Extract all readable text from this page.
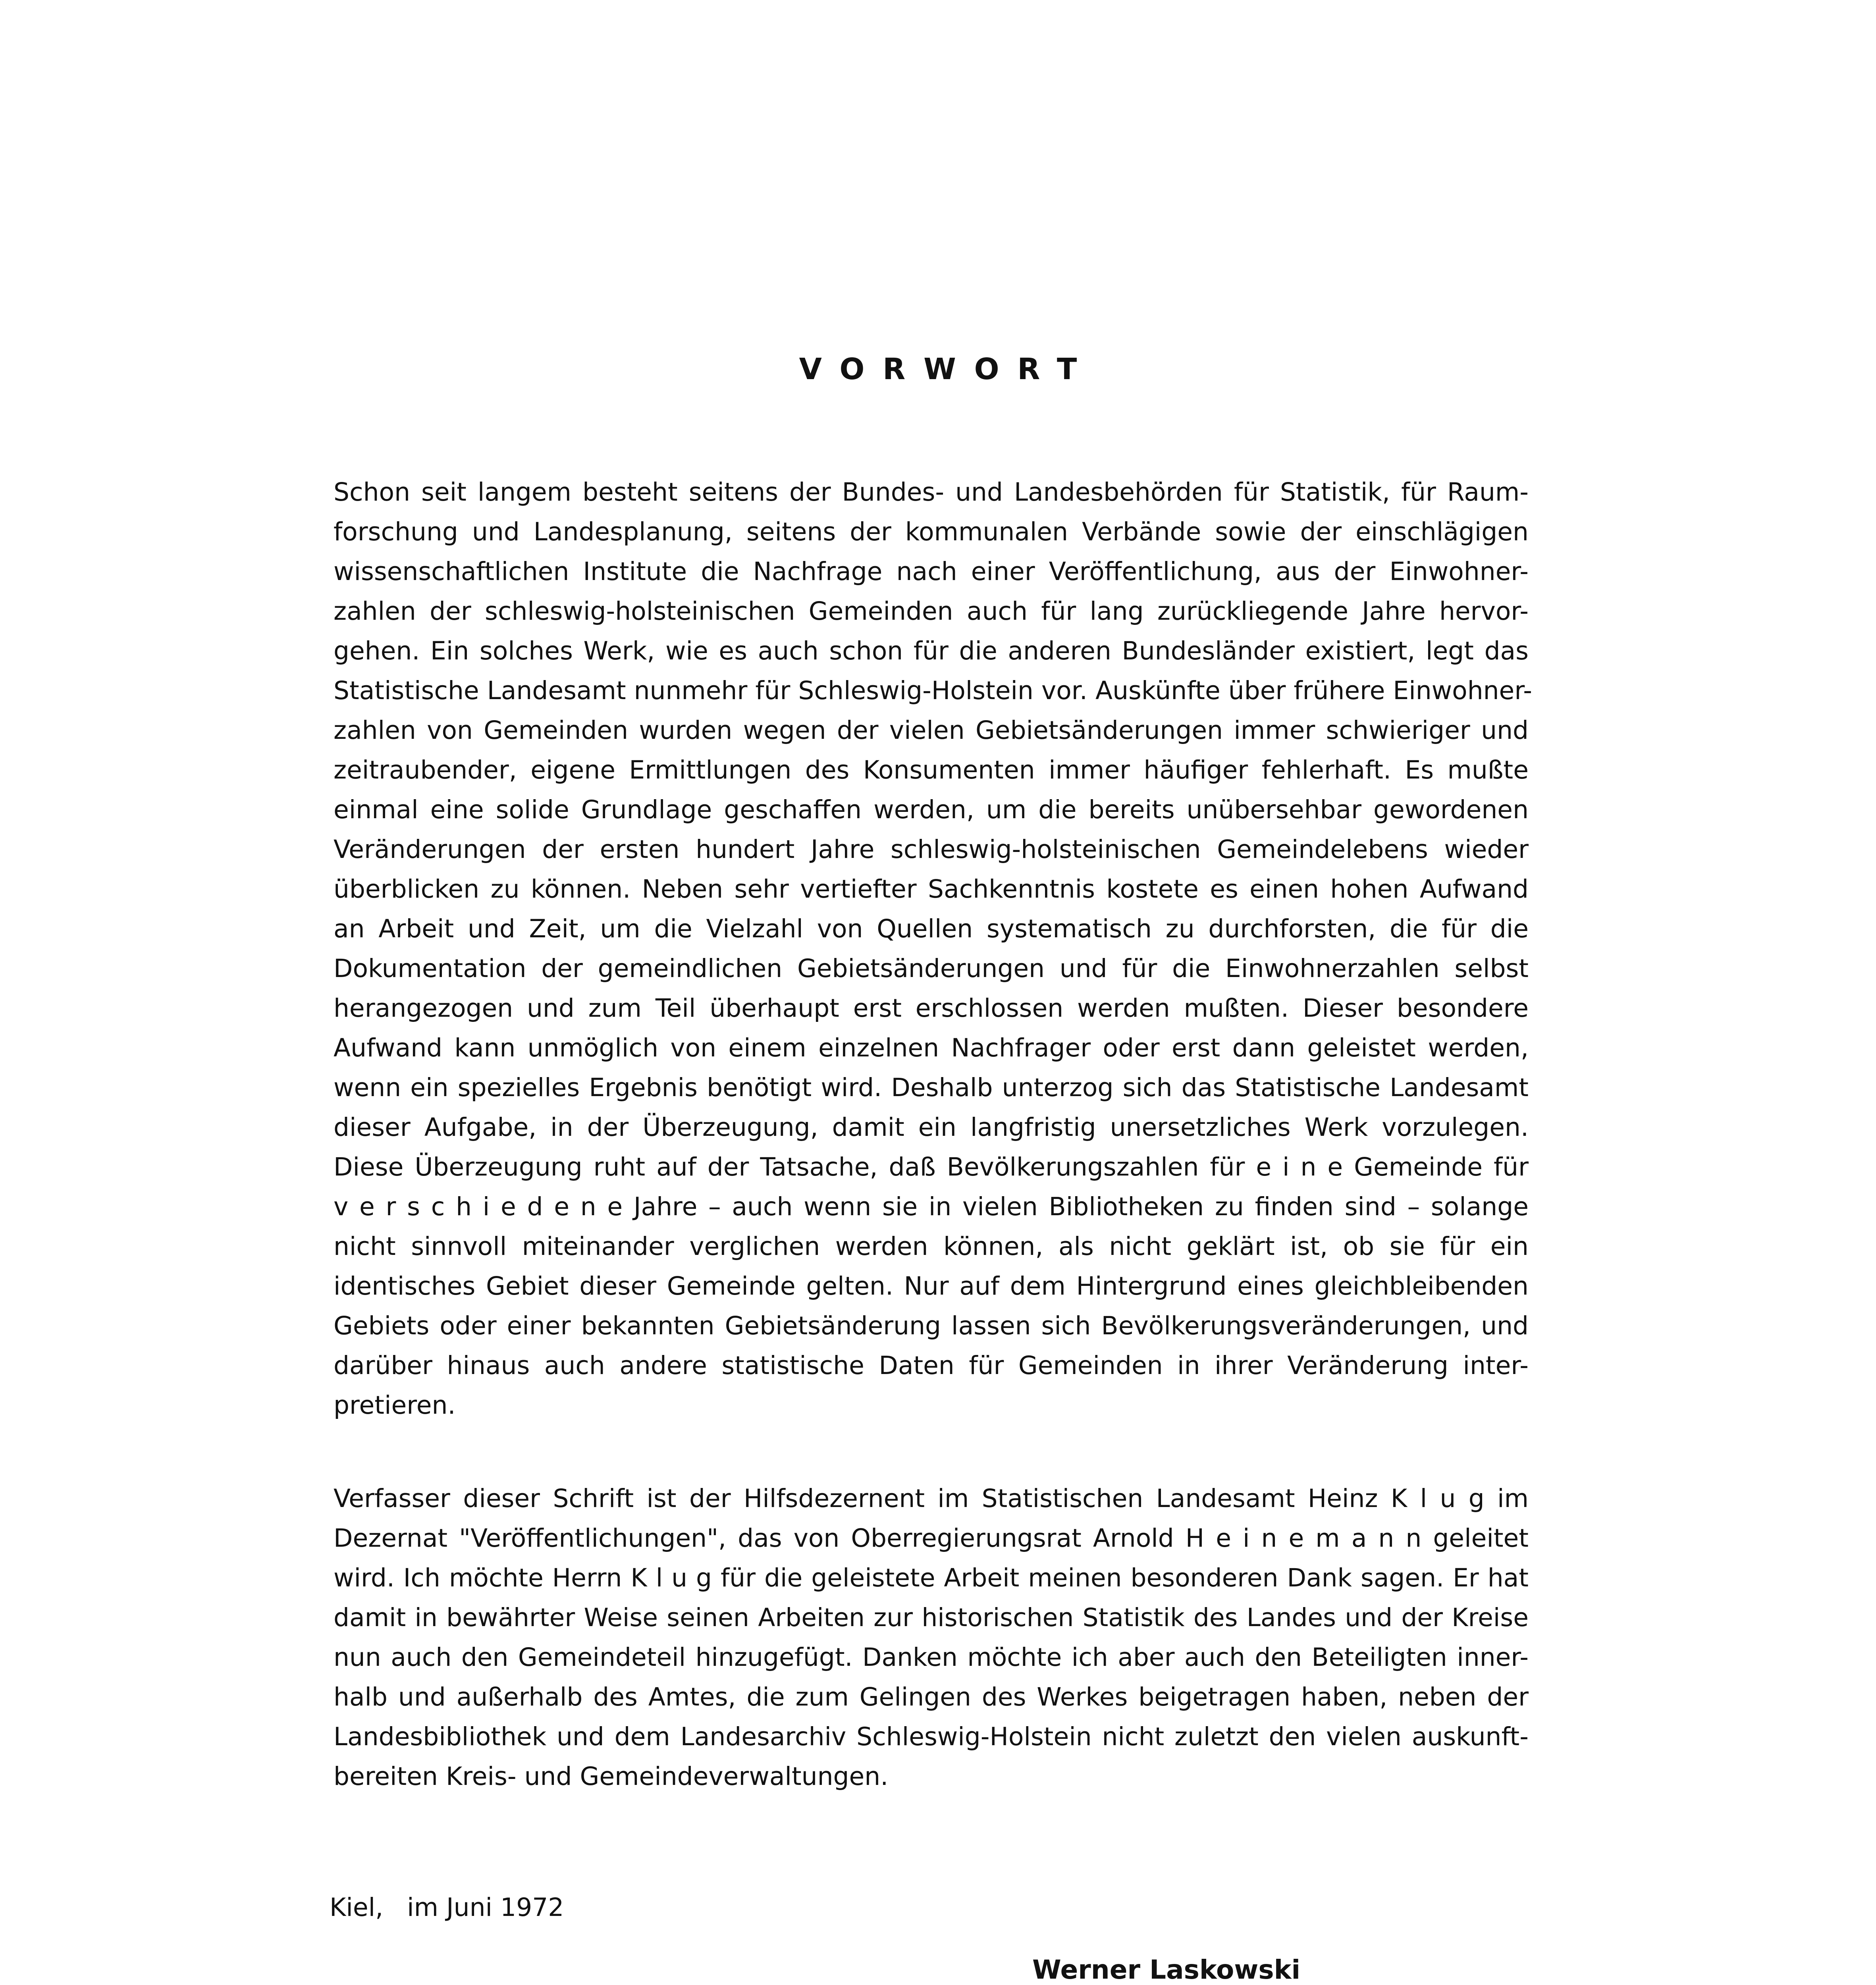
VORWORT
Schon seit langem besteht seitens der Bundes- und Landesbehörden für Statistik, für Raum-
forschung und Landesplanung, seitens der kommunalen Verbände sowie der einschlägigen
wissenschaftlichen Institute die Nachfrage nach einer Veröffentlichung, aus der Einwohner-
zahlen der schleswig-holsteinischen Gemeinden auch für lang zurückliegende Jahre hervor-
gehen. Ein solches Werk, wie es auch schon für die anderen Bundesländer existiert, legt das
Statistische Landesamt nunmehr für Schleswig-Holstein vor. Auskünfte über frühere Einwohner-
zahlen von Gemeinden wurden wegen der vielen Gebietsänderungen immer schwieriger und
zeitraubender, eigene Ermittlungen des Konsumenten immer häufiger fehlerhaft. Es mußte
einmal eine solide Grundlage geschaffen werden, um die bereits unübersehbar gewordenen
Veränderungen der ersten hundert Jahre schleswig-holsteinischen Gemeindelebens wieder
überblicken zu können. Neben sehr vertiefter Sachkenntnis kostete es einen hohen Aufwand
an Arbeit und Zeit, um die Vielzahl von Quellen systematisch zu durchforsten, die für die
Dokumentation der gemeindlichen Gebietsänderungen und für die Einwohnerzahlen selbst
herangezogen und zum Teil überhaupt erst erschlossen werden mußten. Dieser besondere
Aufwand kann unmöglich von einem einzelnen Nachfrager oder erst dann geleistet werden,
wenn ein spezielles Ergebnis benötigt wird. Deshalb unterzog sich das Statistische Landesamt
dieser Aufgabe, in der Überzeugung, damit ein langfristig unersetzliches Werk vorzulegen.
Diese Überzeugung ruht auf der Tatsache, daß Bevölkerungszahlen für e i n e Gemeinde für
v e r s c h i e d e n e Jahre – auch wenn sie in vielen Bibliotheken zu finden sind – solange
nicht sinnvoll miteinander verglichen werden können, als nicht geklärt ist, ob sie für ein
identisches Gebiet dieser Gemeinde gelten. Nur auf dem Hintergrund eines gleichbleibenden
Gebiets oder einer bekannten Gebietsänderung lassen sich Bevölkerungsveränderungen, und
darüber hinaus auch andere statistische Daten für Gemeinden in ihrer Veränderung inter-
pretieren.
Verfasser dieser Schrift ist der Hilfsdezernent im Statistischen Landesamt Heinz K l u g im
Dezernat "Veröffentlichungen", das von Oberregierungsrat Arnold H e i n e m a n n geleitet
wird. Ich möchte Herrn K l u g für die geleistete Arbeit meinen besonderen Dank sagen. Er hat
damit in bewährter Weise seinen Arbeiten zur historischen Statistik des Landes und der Kreise
nun auch den Gemeindeteil hinzugefügt. Danken möchte ich aber auch den Beteiligten inner-
halb und außerhalb des Amtes, die zum Gelingen des Werkes beigetragen haben, neben der
Landesbibliothek und dem Landesarchiv Schleswig-Holstein nicht zuletzt den vielen auskunft-
bereiten Kreis- und Gemeindeverwaltungen.
Kiel,   im Juni 1972
Werner Laskowski
